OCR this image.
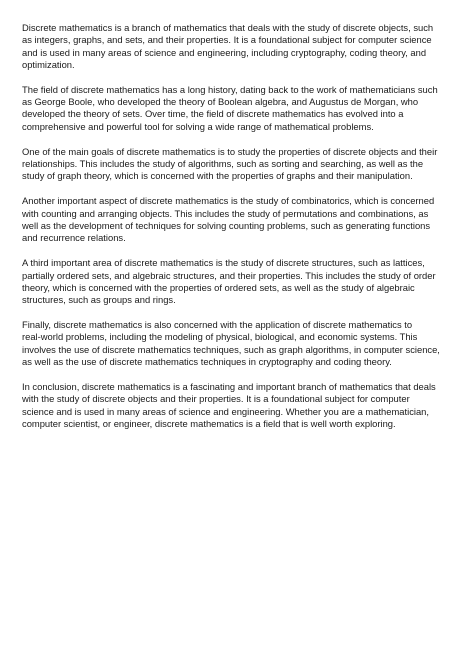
Discrete mathematics is a branch of mathematics that deals with the study of discrete objects, such
as integers, graphs, and sets, and their properties. It is a foundational subject for computer science
and is used in many areas of science and engineering, including cryptography, coding theory, and
optimization.

The field of discrete mathematics has a long history, dating back to the work of mathematicians such
as George Boole, who developed the theory of Boolean algebra, and Augustus de Morgan, who
developed the theory of sets. Over time, the field of discrete mathematics has evolved into a
comprehensive and powerful tool for solving a wide range of mathematical problems.

One of the main goals of discrete mathematics is to study the properties of discrete objects and their
relationships. This includes the study of algorithms, such as sorting and searching, as well as the
study of graph theory, which is concerned with the properties of graphs and their manipulation.

Another important aspect of discrete mathematics is the study of combinatorics, which is concerned
with counting and arranging objects. This includes the study of permutations and combinations, as
well as the development of techniques for solving counting problems, such as generating functions
and recurrence relations.

A third important area of discrete mathematics is the study of discrete structures, such as lattices,
partially ordered sets, and algebraic structures, and their properties. This includes the study of order
theory, which is concerned with the properties of ordered sets, as well as the study of algebraic
structures, such as groups and rings.

Finally, discrete mathematics is also concerned with the application of discrete mathematics to
real-world problems, including the modeling of physical, biological, and economic systems. This
involves the use of discrete mathematics techniques, such as graph algorithms, in computer science,
as well as the use of discrete mathematics techniques in cryptography and coding theory.

In conclusion, discrete mathematics is a fascinating and important branch of mathematics that deals
with the study of discrete objects and their properties. It is a foundational subject for computer
science and is used in many areas of science and engineering. Whether you are a mathematician,
computer scientist, or engineer, discrete mathematics is a field that is well worth exploring.
